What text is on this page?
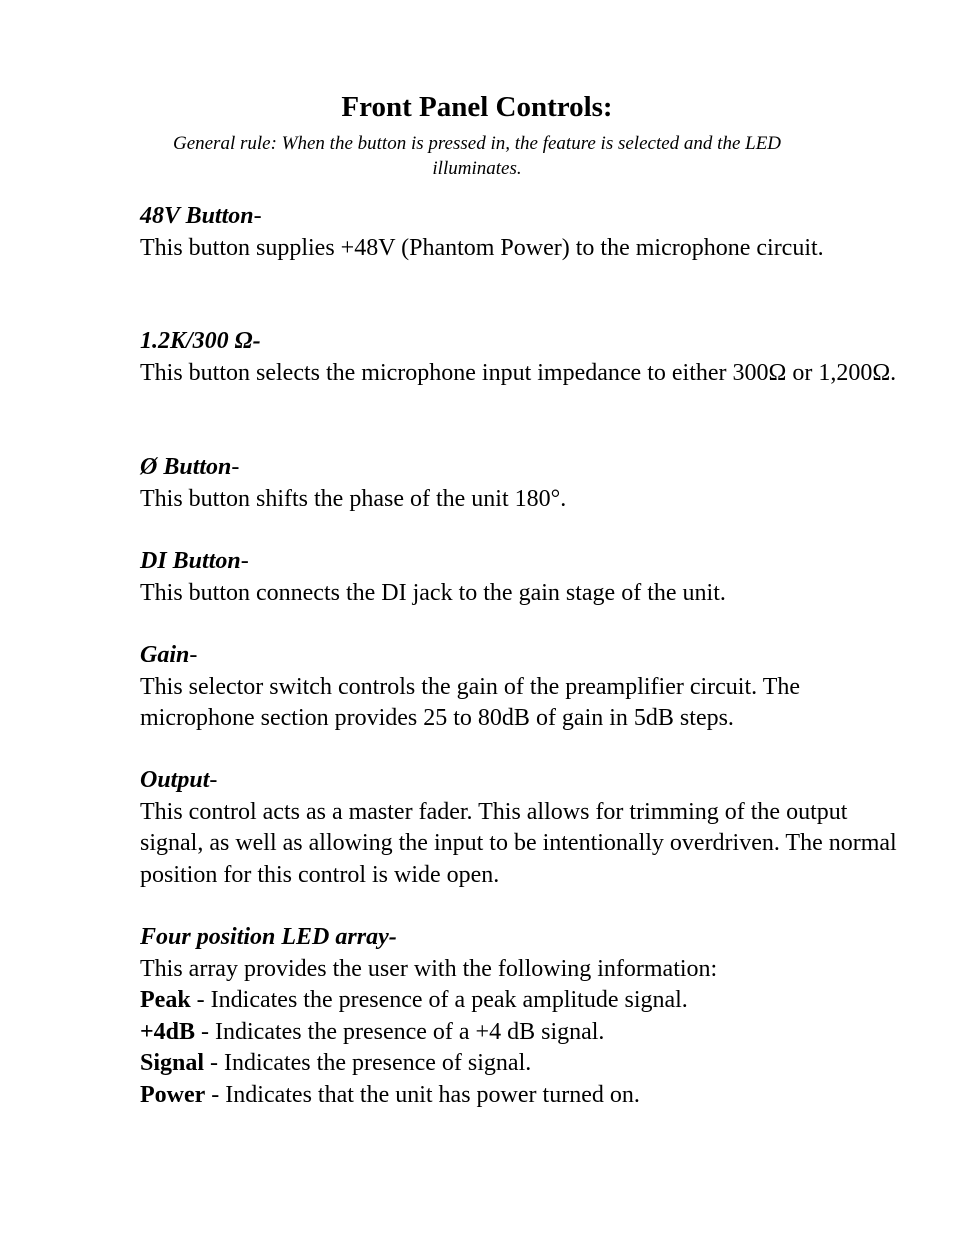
Front Panel Controls:
General rule: When the button is pressed in, the feature is selected and the LED illuminates.
48V Button-
This button supplies +48V (Phantom Power) to the microphone circuit.
1.2K/300 Ω-
This button selects the microphone input impedance to either 300Ω or 1,200Ω.
Ø Button-
This button shifts the phase of the unit 180°.
DI Button-
This button connects the DI jack to the gain stage of the unit.
Gain-
This selector switch controls the gain of the preamplifier circuit. The microphone section provides 25 to 80dB of gain in 5dB steps.
Output-
This control acts as a master fader. This allows for trimming of the output signal, as well as allowing the input to be intentionally overdriven. The normal position for this control is wide open.
Four position LED array-
This array provides the user with the following information:
Peak - Indicates the presence of a peak amplitude signal.
+4dB - Indicates the presence of a +4 dB signal.
Signal - Indicates the presence of signal.
Power - Indicates that the unit has power turned on.
